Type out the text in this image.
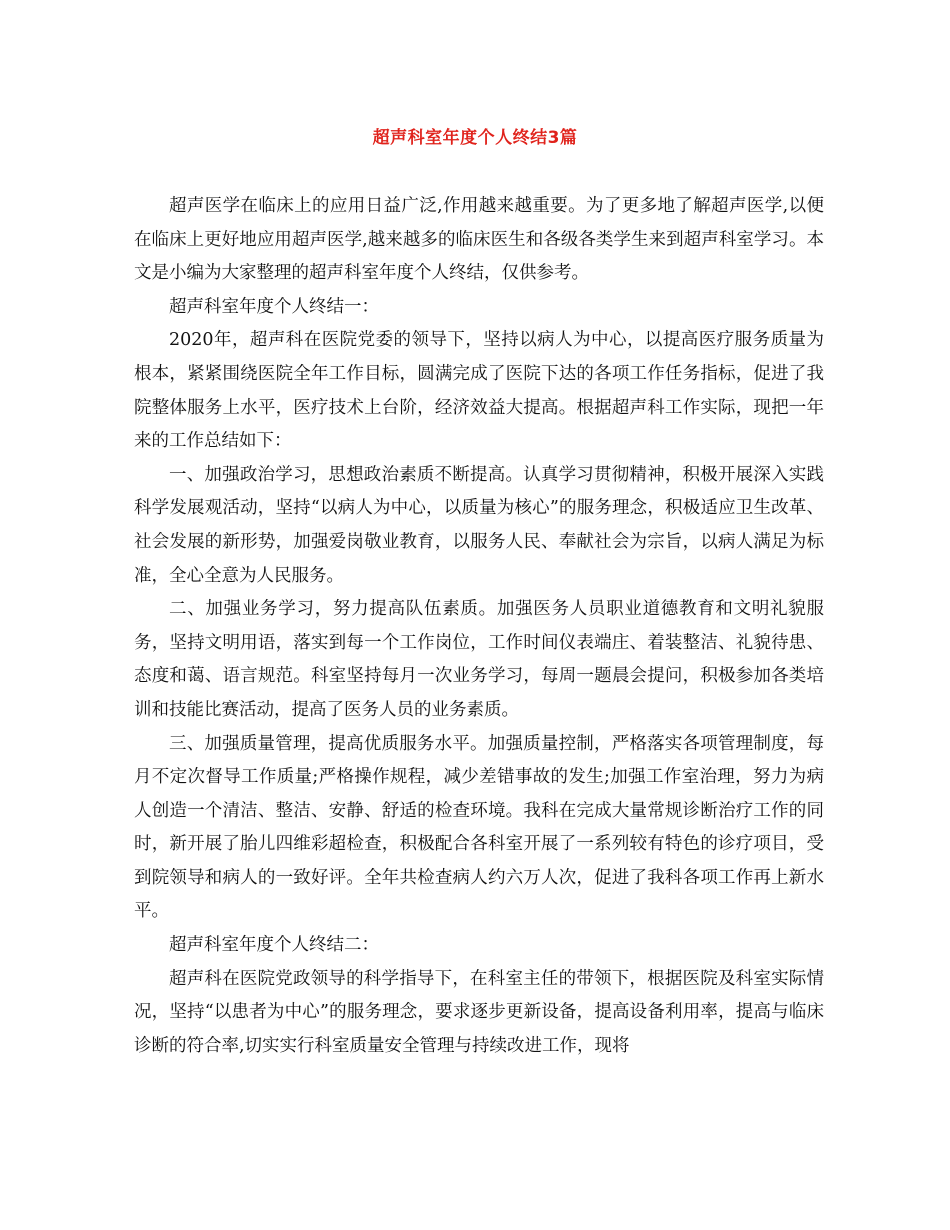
超声科室年度个人终结3篇

超声医学在临床上的应用日益广泛,作用越来越重要。为了更多地了解超声医学,以便在临床上更好地应用超声医学,越来越多的临床医生和各级各类学生来到超声科室学习。本文是小编为大家整理的超声科室年度个人终结，仅供参考。

超声科室年度个人终结一：

2020年，超声科在医院党委的领导下，坚持以病人为中心，以提高医疗服务质量为根本，紧紧围绕医院全年工作目标，圆满完成了医院下达的各项工作任务指标，促进了我院整体服务上水平，医疗技术上台阶，经济效益大提高。根据超声科工作实际，现把一年来的工作总结如下：

一、加强政治学习，思想政治素质不断提高。认真学习贯彻精神，积极开展深入实践科学发展观活动，坚持“以病人为中心，以质量为核心”的服务理念，积极适应卫生改革、社会发展的新形势，加强爱岗敬业教育，以服务人民、奉献社会为宗旨，以病人满足为标准，全心全意为人民服务。

二、加强业务学习，努力提高队伍素质。加强医务人员职业道德教育和文明礼貌服务，坚持文明用语，落实到每一个工作岗位，工作时间仪表端庄、着装整洁、礼貌待患、态度和蔼、语言规范。科室坚持每月一次业务学习，每周一题晨会提问，积极参加各类培训和技能比赛活动，提高了医务人员的业务素质。

三、加强质量管理，提高优质服务水平。加强质量控制，严格落实各项管理制度，每月不定次督导工作质量;严格操作规程，减少差错事故的发生;加强工作室治理，努力为病人创造一个清洁、整洁、安静、舒适的检查环境。我科在完成大量常规诊断治疗工作的同时，新开展了胎儿四维彩超检查，积极配合各科室开展了一系列较有特色的诊疗项目，受到院领导和病人的一致好评。全年共检查病人约六万人次，促进了我科各项工作再上新水平。

超声科室年度个人终结二：

超声科在医院党政领导的科学指导下，在科室主任的带领下，根据医院及科室实际情况，坚持“以患者为中心”的服务理念，要求逐步更新设备，提高设备利用率，提高与临床诊断的符合率,切实实行科室质量安全管理与持续改进工作，现将
